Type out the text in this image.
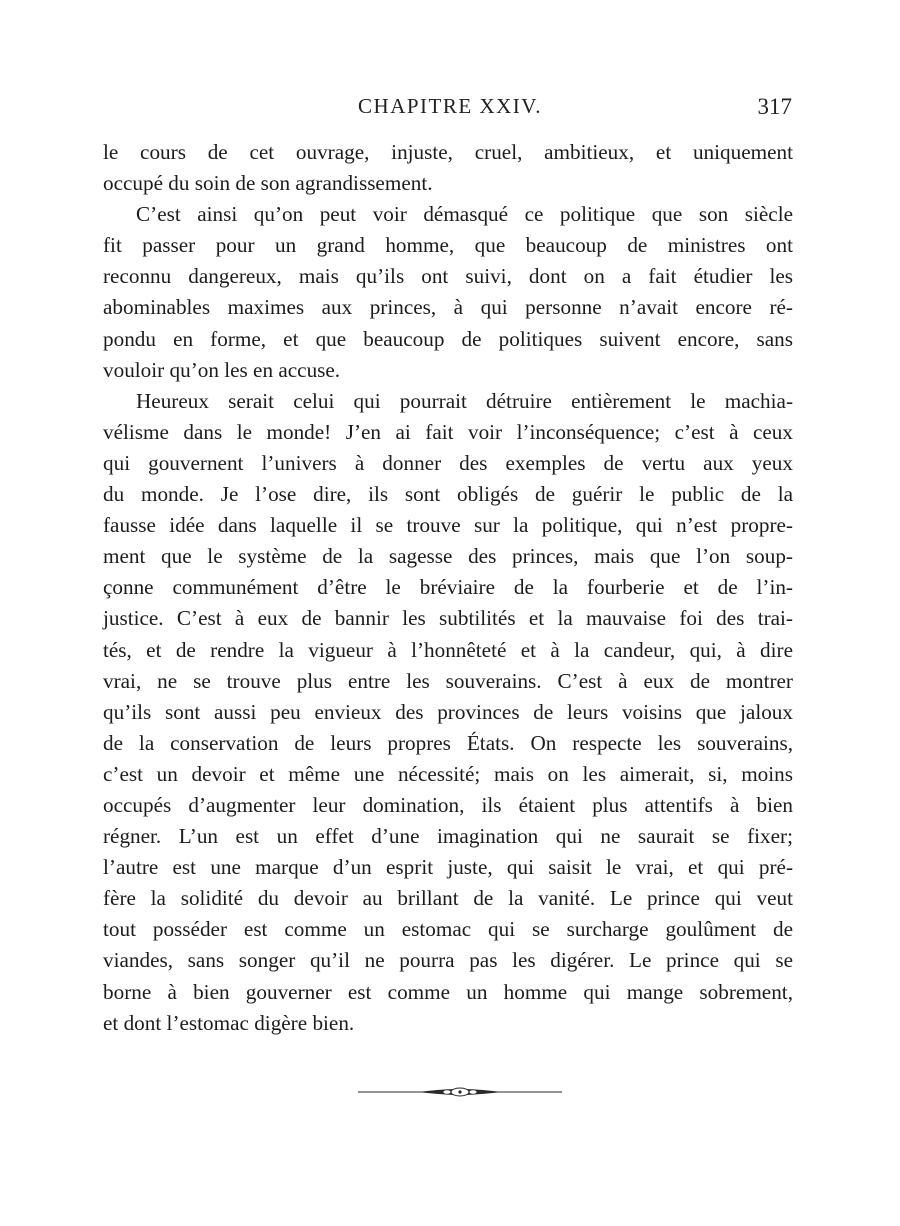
CHAPITRE XXIV.	317

le cours de cet ouvrage, injuste, cruel, ambitieux, et uniquement
occupé du soin de son agrandissement.

C’est ainsi qu’on peut voir démasqué ce politique que son siècle
fit passer pour un grand homme, que beaucoup de ministres ont
reconnu dangereux, mais qu’ils ont suivi, dont on a fait étudier les
abominables maximes aux princes, à qui personne n’avait encore ré-
pondu en forme, et que beaucoup de politiques suivent encore, sans
vouloir qu’on les en accuse.

Heureux serait celui qui pourrait détruire entièrement le machia-
vélisme dans le monde! J’en ai fait voir l’inconséquence; c’est à ceux
qui gouvernent l’univers à donner des exemples de vertu aux yeux
du monde. Je l’ose dire, ils sont obligés de guérir le public de la
fausse idée dans laquelle il se trouve sur la politique, qui n’est propre-
ment que le système de la sagesse des princes, mais que l’on soup-
çonne communément d’être le bréviaire de la fourberie et de l’in-
justice. C’est à eux de bannir les subtilités et la mauvaise foi des trai-
tés, et de rendre la vigueur à l’honnêteté et à la candeur, qui, à dire
vrai, ne se trouve plus entre les souverains. C’est à eux de montrer
qu’ils sont aussi peu envieux des provinces de leurs voisins que jaloux
de la conservation de leurs propres États. On respecte les souverains,
c’est un devoir et même une nécessité; mais on les aimerait, si, moins
occupés d’augmenter leur domination, ils étaient plus attentifs à bien
régner. L’un est un effet d’une imagination qui ne saurait se fixer;
l’autre est une marque d’un esprit juste, qui saisit le vrai, et qui pré-
fère la solidité du devoir au brillant de la vanité. Le prince qui veut
tout posséder est comme un estomac qui se surcharge goulûment de
viandes, sans songer qu’il ne pourra pas les digérer. Le prince qui se
borne à bien gouverner est comme un homme qui mange sobrement,
et dont l’estomac digère bien.
